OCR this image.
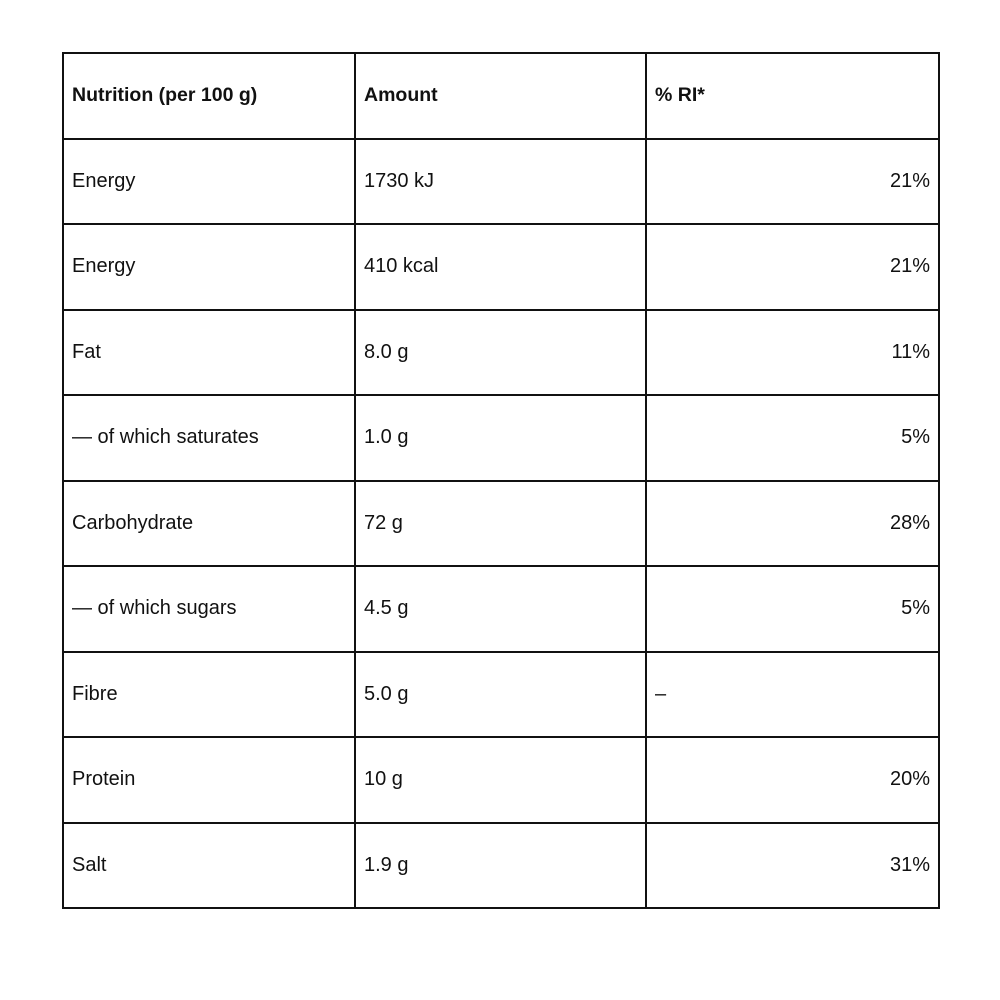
Nutrition (per 100 g)	Amount	% RI*
Energy	1730 kJ	21%
Energy	410 kcal	21%
Fat	8.0 g	11%
— of which saturates	1.0 g	5%
Carbohydrate	72 g	28%
— of which sugars	4.5 g	5%
Fibre	5.0 g	–
Protein	10 g	20%
Salt	1.9 g	31%
